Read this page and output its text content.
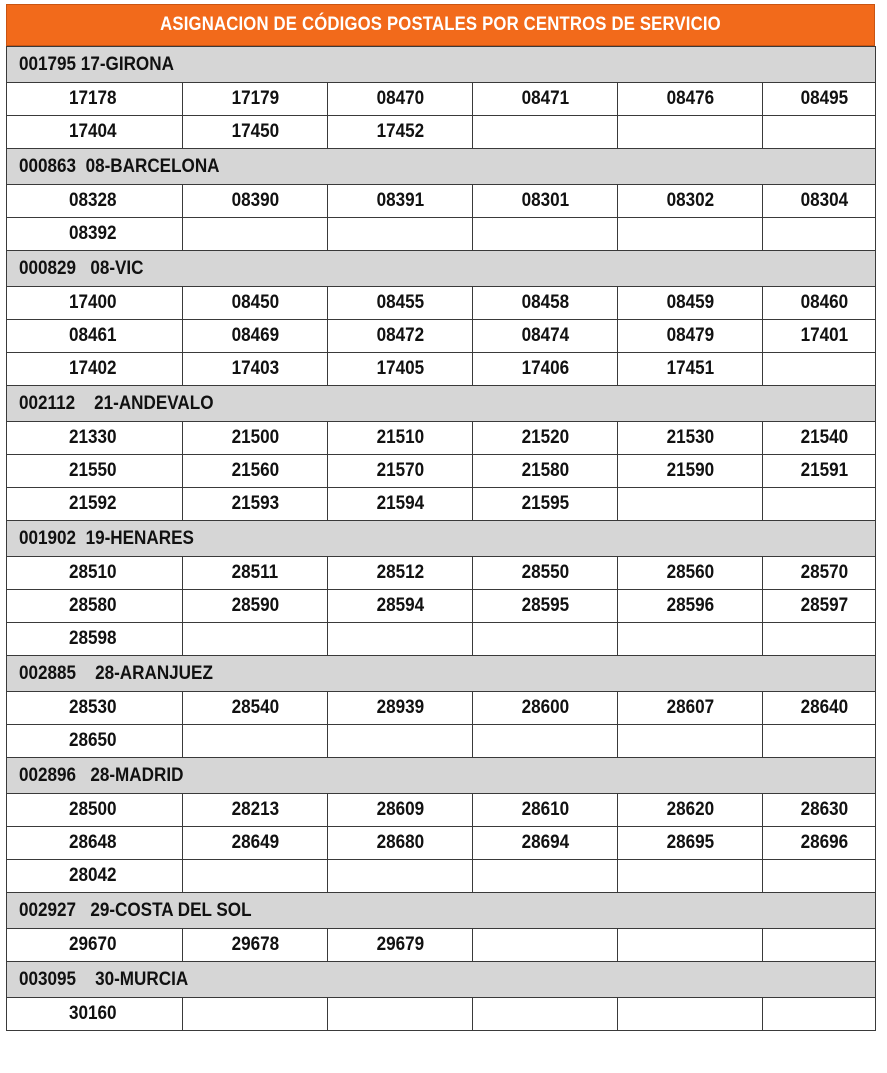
ASIGNACION DE CÓDIGOS POSTALES POR CENTROS DE SERVICIO
001795 17-GIRONA					

17178	17179	08470	08471	08476	08495

17404	17450	17452			

000863  08-BARCELONA					

08328	08390	08391	08301	08302	08304

08392					

000829   08-VIC					

17400	08450	08455	08458	08459	08460

08461	08469	08472	08474	08479	17401

17402	17403	17405	17406	17451	

002112    21-ANDEVALO					

21330	21500	21510	21520	21530	21540

21550	21560	21570	21580	21590	21591

21592	21593	21594	21595		

001902  19-HENARES					

28510	28511	28512	28550	28560	28570

28580	28590	28594	28595	28596	28597

28598					

002885    28-ARANJUEZ					

28530	28540	28939	28600	28607	28640

28650					

002896   28-MADRID					

28500	28213	28609	28610	28620	28630

28648	28649	28680	28694	28695	28696

28042					

002927   29-COSTA DEL SOL					

29670	29678	29679			

003095    30-MURCIA					

30160					
